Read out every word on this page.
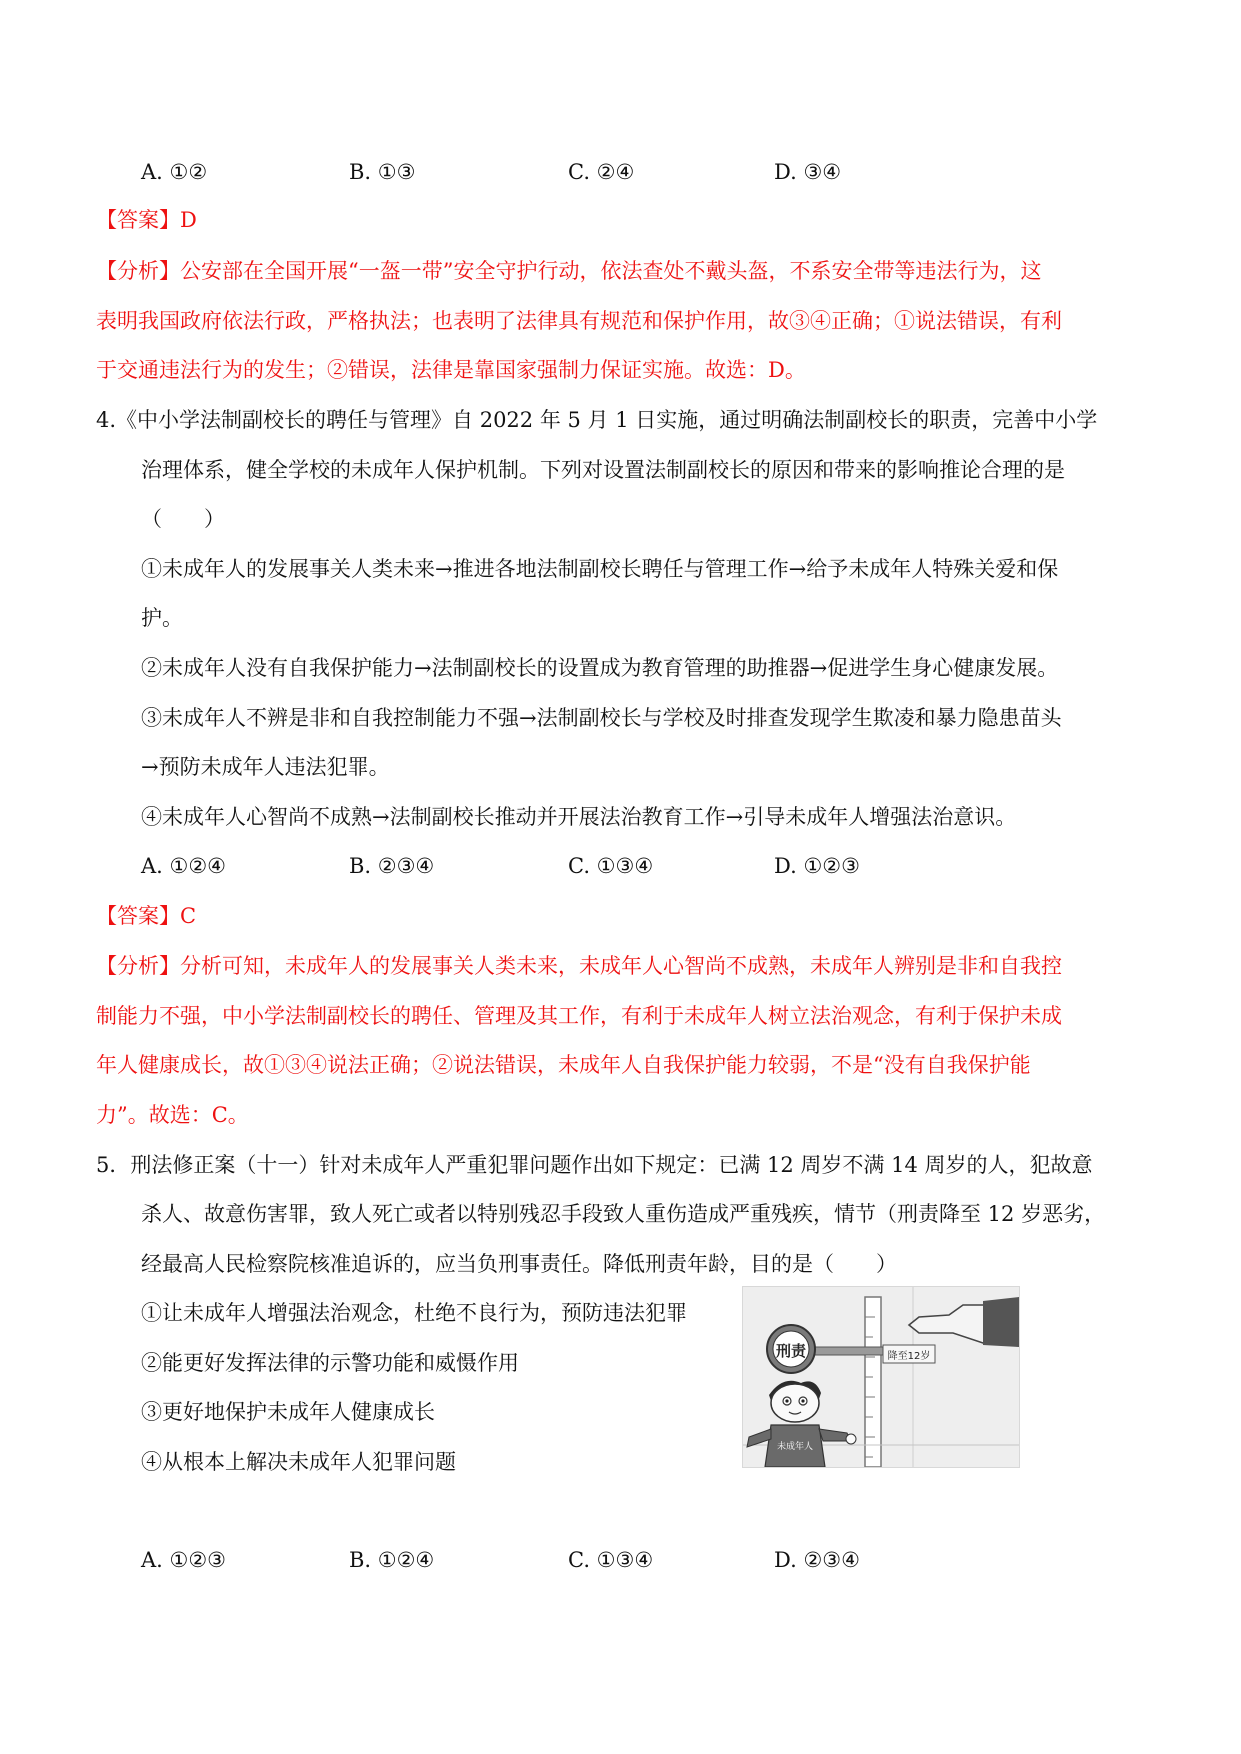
A. ①②	B. ①③	C. ②④	D. ③④
【答案】D
【分析】公安部在全国开展“一盔一带”安全守护行动，依法查处不戴头盔，不系安全带等违法行为，这
表明我国政府依法行政，严格执法；也表明了法律具有规范和保护作用，故③④正确；①说法错误，有利
于交通违法行为的发生；②错误，法律是靠国家强制力保证实施。故选：D。
4.《中小学法制副校长的聘任与管理》自 2022 年 5 月 1 日实施，通过明确法制副校长的职责，完善中小学
治理体系，健全学校的未成年人保护机制。下列对设置法制副校长的原因和带来的影响推论合理的是
（　　）
①未成年人的发展事关人类未来→推进各地法制副校长聘任与管理工作→给予未成年人特殊关爱和保
护。
②未成年人没有自我保护能力→法制副校长的设置成为教育管理的助推器→促进学生身心健康发展。
③未成年人不辨是非和自我控制能力不强→法制副校长与学校及时排查发现学生欺凌和暴力隐患苗头
→预防未成年人违法犯罪。
④未成年人心智尚不成熟→法制副校长推动并开展法治教育工作→引导未成年人增强法治意识。
A. ①②④	B. ②③④	C. ①③④	D. ①②③
【答案】C
【分析】分析可知，未成年人的发展事关人类未来，未成年人心智尚不成熟，未成年人辨别是非和自我控
制能力不强，中小学法制副校长的聘任、管理及其工作，有利于未成年人树立法治观念，有利于保护未成
年人健康成长，故①③④说法正确；②说法错误，未成年人自我保护能力较弱，不是“没有自我保护能
力”。故选：C。
5．刑法修正案（十一）针对未成年人严重犯罪问题作出如下规定：已满 12 周岁不满 14 周岁的人，犯故意
杀人、故意伤害罪，致人死亡或者以特别残忍手段致人重伤造成严重残疾，情节（刑责降至 12 岁恶劣，
经最高人民检察院核准追诉的，应当负刑事责任。降低刑责年龄，目的是（　　）
①让未成年人增强法治观念，杜绝不良行为，预防违法犯罪
②能更好发挥法律的示警功能和威慑作用
③更好地保护未成年人健康成长
④从根本上解决未成年人犯罪问题
刑责	降至12岁
未成年人
A. ①②③	B. ①②④	C. ①③④	D. ②③④
